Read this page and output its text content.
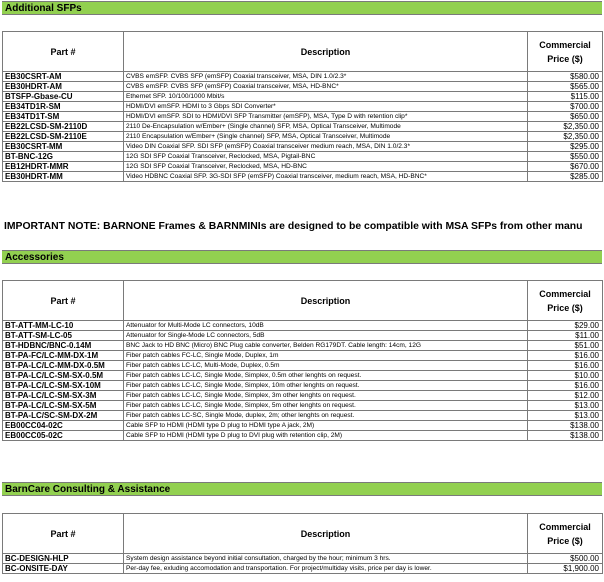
Additional SFPs
Part #	Description	Commercial Price ($)
EB30CSRT-AM	CVBS emSFP. CVBS SFP (emSFP) Coaxial transceiver, MSA, DIN 1.0/2.3*	$580.00
EB30HDRT-AM	CVBS emSFP. CVBS SFP (emSFP) Coaxial transceiver, MSA, HD-BNC*	$565.00
BTSFP-Gbase-CU	Ethernet SFP. 10/100/1000 Mbit/s	$115.00
EB34TD1R-SM	HDMI/DVI emSFP. HDMI to 3 Gbps SDI Converter*	$700.00
EB34TD1T-SM	HDMI/DVI emSFP. SDI to HDMI/DVI SFP Transmitter (emSFP), MSA, Type D with retention clip*	$650.00
EB22LCSD-SM-2110D	2110 De-Encapsulation w/Ember+ (Single channel) SFP, MSA, Optical Transceiver, Multimode	$2,350.00
EB22LCSD-SM-2110E	2110 Encapsulation w/Ember+ (Single channel) SFP, MSA, Optical Transceiver, Multimode	$2,350.00
EB30CSRT-MM	Video DIN Coaxial SFP. SDI SFP (emSFP) Coaxial transceiver medium reach, MSA, DIN 1.0/2.3*	$295.00
BT-BNC-12G	12G SDI SFP Coaxial Transceiver, Reclocked, MSA, Pigtail-BNC	$550.00
EB12HDRT-MMR	12G SDI SFP Coaxial Transceiver, Reclocked, MSA, HD-BNC	$670.00
EB30HDRT-MM	Video HDBNC Coaxial SFP. 3G-SDI SFP (emSFP) Coaxial transceiver, medium reach, MSA, HD-BNC*	$285.00
IMPORTANT NOTE: BARNONE Frames & BARNMINIs are designed to be compatible with MSA SFPs from other manu
Accessories
Part #	Description	Commercial Price ($)
BT-ATT-MM-LC-10	Attenuator for Multi-Mode LC connectors, 10dB	$29.00
BT-ATT-SM-LC-05	Attenuator for Single-Mode LC connectors, 5dB	$11.00
BT-HDBNC/BNC-0.14M	BNC Jack to HD BNC (Micro) BNC Plug cable converter, Belden RG179DT. Cable length: 14cm, 12G	$51.00
BT-PA-FC/LC-MM-DX-1M	Fiber patch cables FC-LC, Single Mode, Duplex, 1m	$16.00
BT-PA-LC/LC-MM-DX-0.5M	Fiber patch cables LC-LC, Multi-Mode, Duplex, 0.5m	$16.00
BT-PA-LC/LC-SM-SX-0.5M	Fiber patch cables LC-LC, Single Mode, Simplex, 0.5m other lenghts on request.	$10.00
BT-PA-LC/LC-SM-SX-10M	Fiber patch cables LC-LC, Single Mode, Simplex, 10m other lenghts on request.	$16.00
BT-PA-LC/LC-SM-SX-3M	Fiber patch cables LC-LC, Single Mode, Simplex, 3m other lenghts on request.	$12.00
BT-PA-LC/LC-SM-SX-5M	Fiber patch cables LC-LC, Single Mode, Simplex, 5m other lenghts on request.	$13.00
BT-PA-LC/SC-SM-DX-2M	Fiber patch cables LC-SC, Single Mode, duplex, 2m; other lenghts on request.	$13.00
EB00CC04-02C	Cable SFP to HDMI (HDMI type D plug to HDMI type A jack, 2M)	$138.00
EB00CC05-02C	Cable SFP to HDMI (HDMI type D plug to DVI plug with retention clip, 2M)	$138.00
BarnCare Consulting & Assistance
Part #	Description	Commercial Price ($)
BC-DESIGN-HLP	System design assistance beyond initial consultation, charged by the hour; minimum 3 hrs.	$500.00
BC-ONSITE-DAY	Per-day fee, exluding accomodation and transportation. For project/multiday visits, price per day is lower.	$1,900.00
